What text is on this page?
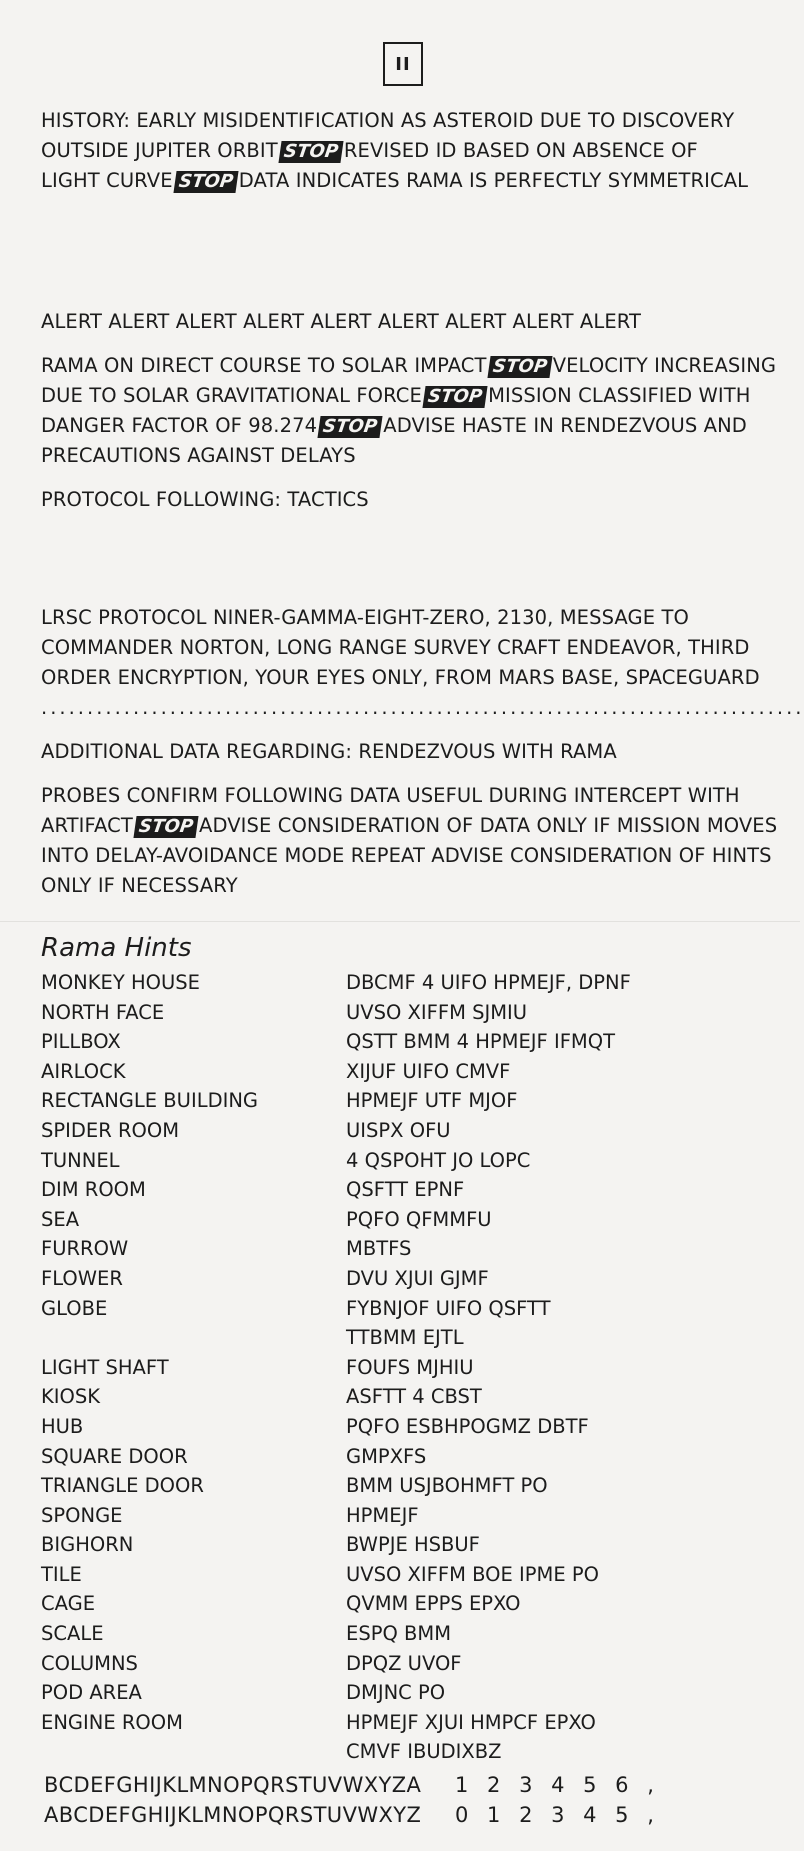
II

HISTORY: EARLY MISIDENTIFICATION AS ASTEROID DUE TO DISCOVERY OUTSIDE JUPITER ORBIT STOP REVISED ID BASED ON ABSENCE OF LIGHT CURVE STOP DATA INDICATES RAMA IS PERFECTLY SYMMETRICAL

ALERT ALERT ALERT ALERT ALERT ALERT ALERT ALERT ALERT

RAMA ON DIRECT COURSE TO SOLAR IMPACT STOP VELOCITY INCREASING DUE TO SOLAR GRAVITATIONAL FORCE STOP MISSION CLASSIFIED WITH DANGER FACTOR OF 98.274 STOP ADVISE HASTE IN RENDEZVOUS AND PRECAUTIONS AGAINST DELAYS

PROTOCOL FOLLOWING: TACTICS

LRSC PROTOCOL NINER-GAMMA-EIGHT-ZERO, 2130, MESSAGE TO COMMANDER NORTON, LONG RANGE SURVEY CRAFT ENDEAVOR, THIRD ORDER ENCRYPTION, YOUR EYES ONLY, FROM MARS BASE, SPACEGUARD ...................................................................................

ADDITIONAL DATA REGARDING: RENDEZVOUS WITH RAMA

PROBES CONFIRM FOLLOWING DATA USEFUL DURING INTERCEPT WITH ARTIFACT STOP ADVISE CONSIDERATION OF DATA ONLY IF MISSION MOVES INTO DELAY-AVOIDANCE MODE REPEAT ADVISE CONSIDERATION OF HINTS ONLY IF NECESSARY

Rama Hints
MONKEY HOUSE	DBCMF 4 UIFO HPMEJF, DPNF
NORTH FACE	UVSO XIFFM SJMIU
PILLBOX	QSTT BMM 4 HPMEJF IFMQT
AIRLOCK	XIJUF UIFO CMVF
RECTANGLE BUILDING	HPMEJF UTF MJOF
SPIDER ROOM	UISPX OFU
TUNNEL	4 QSPOHT JO LOPC
DIM ROOM	QSFTT EPNF
SEA	PQFO QFMMFU
FURROW	MBTFS
FLOWER	DVU XJUI GJMF
GLOBE	FYBNJOF UIFO QSFTT
TTBMM EJTL
LIGHT SHAFT	FOUFS MJHIU
KIOSK	ASFTT 4 CBST
HUB	PQFO ESBHPOGMZ DBTF
SQUARE DOOR	GMPXFS
TRIANGLE DOOR	BMM USJBOHMFT PO
SPONGE	HPMEJF
BIGHORN	BWPJE HSBUF
TILE	UVSO XIFFM BOE IPME PO
CAGE	QVMM EPPS EPXO
SCALE	ESPQ BMM
COLUMNS	DPQZ UVOF
POD AREA	DMJNC PO
ENGINE ROOM	HPMEJF XJUI HMPCF EPXO
CMVF IBUDIXBZ
BCDEFGHIJKLMNOPQRSTUVWXYZA	1 2 3 4 5 6 ,
ABCDEFGHIJKLMNOPQRSTUVWXYZ	0 1 2 3 4 5 ,
